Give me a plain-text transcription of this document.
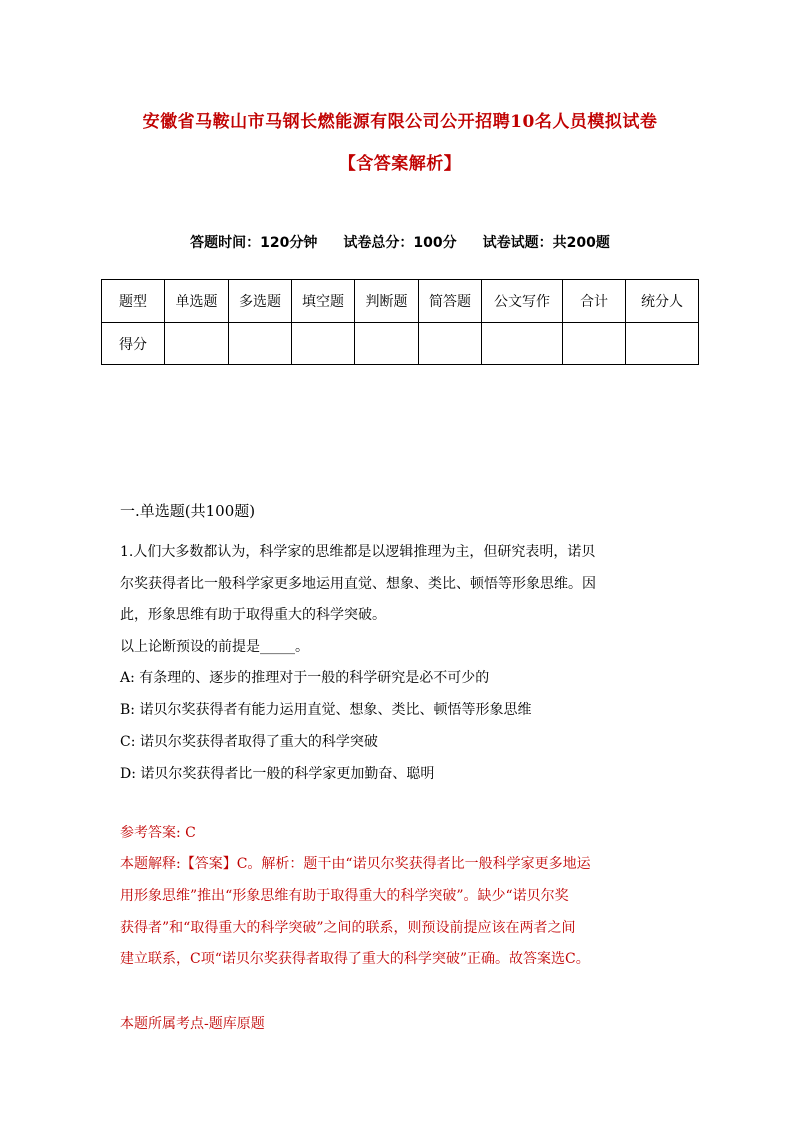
安徽省马鞍山市马钢长燃能源有限公司公开招聘10名人员模拟试卷
【含答案解析】
答题时间：120分钟 试卷总分：100分 试卷试题：共200题
题型	单选题	多选题	填空题	判断题	简答题	公文写作	合计	统分人
得分								
一.单选题(共100题)
1.人们大多数都认为，科学家的思维都是以逻辑推理为主，但研究表明，诺贝
尔奖获得者比一般科学家更多地运用直觉、想象、类比、顿悟等形象思维。因
此，形象思维有助于取得重大的科学突破。
以上论断预设的前提是_____。
A: 有条理的、逐步的推理对于一般的科学研究是必不可少的
B: 诺贝尔奖获得者有能力运用直觉、想象、类比、顿悟等形象思维
C: 诺贝尔奖获得者取得了重大的科学突破
D: 诺贝尔奖获得者比一般的科学家更加勤奋、聪明
参考答案: C
本题解释:【答案】C。解析：题干由“诺贝尔奖获得者比一般科学家更多地运
用形象思维”推出“形象思维有助于取得重大的科学突破”。缺少“诺贝尔奖
获得者”和“取得重大的科学突破”之间的联系，则预设前提应该在两者之间
建立联系，C项“诺贝尔奖获得者取得了重大的科学突破”正确。故答案选C。
本题所属考点-题库原题
